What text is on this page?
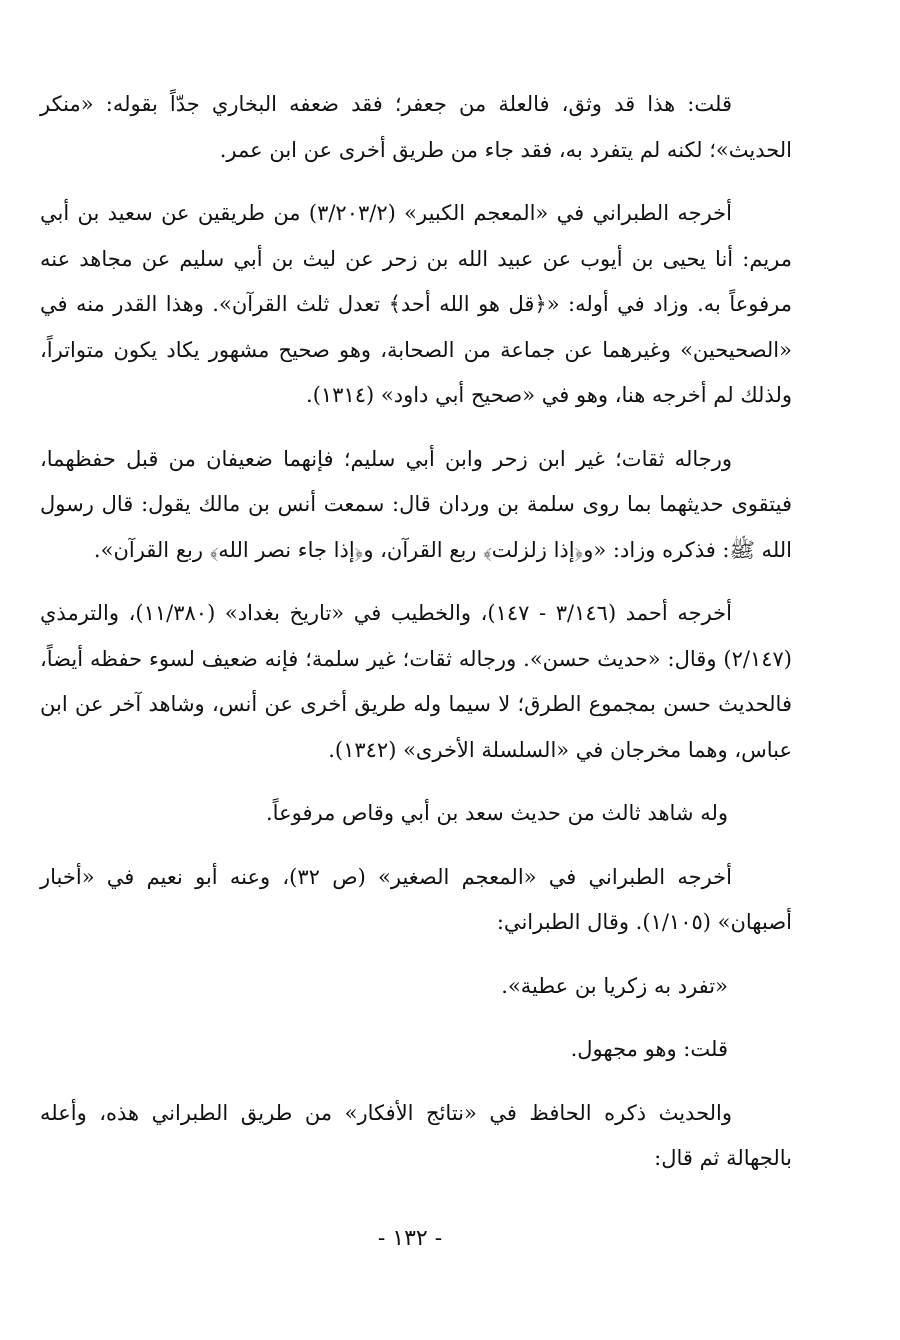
قلت: هذا قد وثق، فالعلة من جعفر؛ فقد ضعفه البخاري جدّاً بقوله: «منكر الحديث»؛ لكنه لم يتفرد به، فقد جاء من طريق أخرى عن ابن عمر.

أخرجه الطبراني في «المعجم الكبير» (٣/٢٠٣/٢) من طريقين عن سعيد بن أبي مريم: أنا يحيى بن أيوب عن عبيد الله بن زحر عن ليث بن أبي سليم عن مجاهد عنه مرفوعاً به. وزاد في أوله: «﴿قل هو الله أحد﴾ تعدل ثلث القرآن». وهذا القدر منه في «الصحيحين» وغيرهما عن جماعة من الصحابة، وهو صحيح مشهور يكاد يكون متواتراً، ولذلك لم أخرجه هنا، وهو في «صحيح أبي داود» (١٣١٤).

ورجاله ثقات؛ غير ابن زحر وابن أبي سليم؛ فإنهما ضعيفان من قبل حفظهما، فيتقوى حديثهما بما روى سلمة بن وردان قال: سمعت أنس بن مالك يقول: قال رسول الله ﷺ: فذكره وزاد: «و﴿إذا زلزلت﴾ ربع القرآن، و﴿إذا جاء نصر الله﴾ ربع القرآن».

أخرجه أحمد (٣/١٤٦ - ١٤٧)، والخطيب في «تاريخ بغداد» (١١/٣٨٠)، والترمذي (٢/١٤٧) وقال: «حديث حسن». ورجاله ثقات؛ غير سلمة؛ فإنه ضعيف لسوء حفظه أيضاً، فالحديث حسن بمجموع الطرق؛ لا سيما وله طريق أخرى عن أنس، وشاهد آخر عن ابن عباس، وهما مخرجان في «السلسلة الأخرى» (١٣٤٢).

وله شاهد ثالث من حديث سعد بن أبي وقاص مرفوعاً.

أخرجه الطبراني في «المعجم الصغير» (ص ٣٢)، وعنه أبو نعيم في «أخبار أصبهان» (١/١٠٥). وقال الطبراني:

«تفرد به زكريا بن عطية».

قلت: وهو مجهول.

والحديث ذكره الحافظ في «نتائج الأفكار» من طريق الطبراني هذه، وأعله بالجهالة ثم قال:

- ١٣٢ -
